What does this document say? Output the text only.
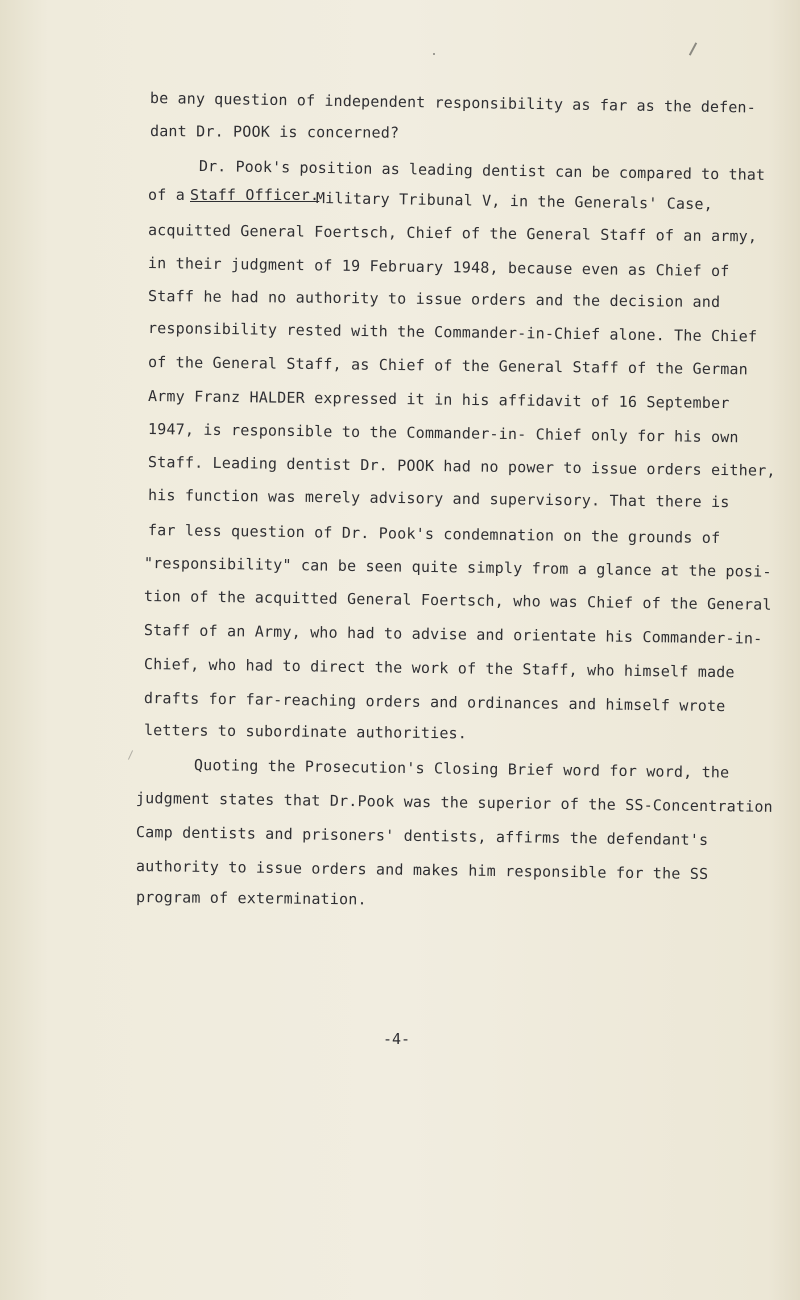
be any question of independent responsibility as far as the defen-
dant Dr. POOK is concerned?
Dr. Pook's position as leading dentist can be compared to that
of a Staff Officer.
Military Tribunal V, in the Generals' Case,
acquitted General Foertsch, Chief of the General Staff of an army,
in their judgment of 19 February 1948, because even as Chief of
Staff he had no authority to issue orders and the decision and
responsibility rested with the Commander-in-Chief alone. The Chief
of the General Staff, as Chief of the General Staff of the German
Army Franz HALDER expressed it in his affidavit of 16 September
1947, is responsible to the Commander-in- Chief only for his own
Staff. Leading dentist Dr. POOK had no power to issue orders either,
his function was merely advisory and supervisory. That there is
far less question of Dr. Pook's condemnation on the grounds of
"responsibility" can be seen quite simply from a glance at the posi-
tion of the acquitted General Foertsch, who was Chief of the General
Staff of an Army, who had to advise and orientate his Commander-in-
Chief, who had to direct the work of the Staff, who himself made
drafts for far-reaching orders and ordinances and himself wrote
letters to subordinate authorities.
Quoting the Prosecution's Closing Brief word for word, the
judgment states that Dr.Pook was the superior of the SS-Concentration
Camp dentists and prisoners' dentists, affirms the defendant's
authority to issue orders and makes him responsible for the SS
program of extermination.
-4-
